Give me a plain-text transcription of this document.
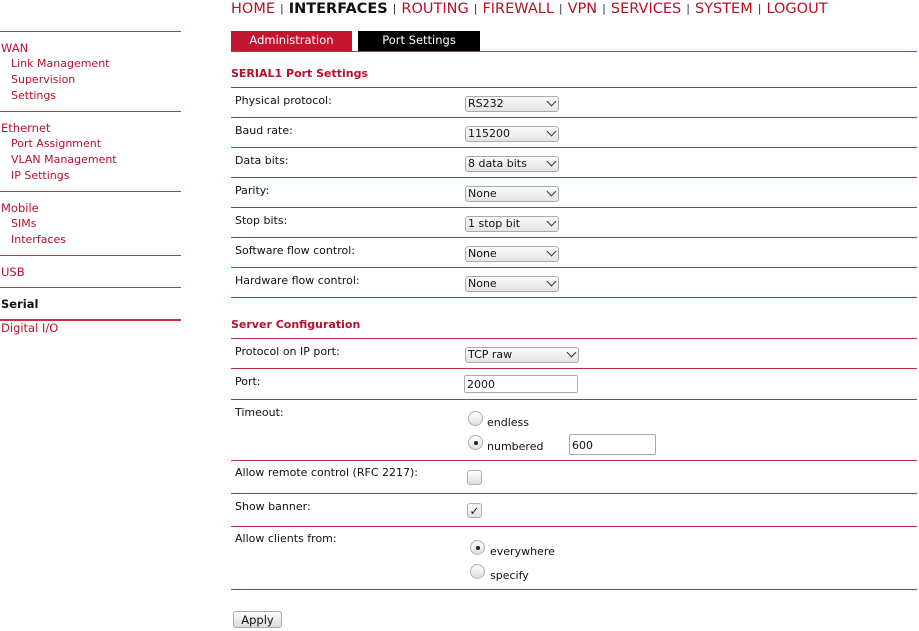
HOME | INTERFACES | ROUTING | FIREWALL | VPN | SERVICES | SYSTEM | LOGOUT
WAN
Link Management
Supervision
Settings
Ethernet
Port Assignment
VLAN Management
IP Settings
Mobile
SIMs
Interfaces
USB
Serial
Digital I/O
Administration	Port Settings
SERIAL1 Port Settings
Physical protocol:	RS232
Baud rate:	115200
Data bits:	8 data bits
Parity:	None
Stop bits:	1 stop bit
Software flow control:	None
Hardware flow control:	None
Server Configuration
Protocol on IP port:	TCP raw
Port:	2000
Timeout:
endless
numbered	600
Allow remote control (RFC 2217):
Show banner:	✓
Allow clients from:
everywhere
specify
Apply
